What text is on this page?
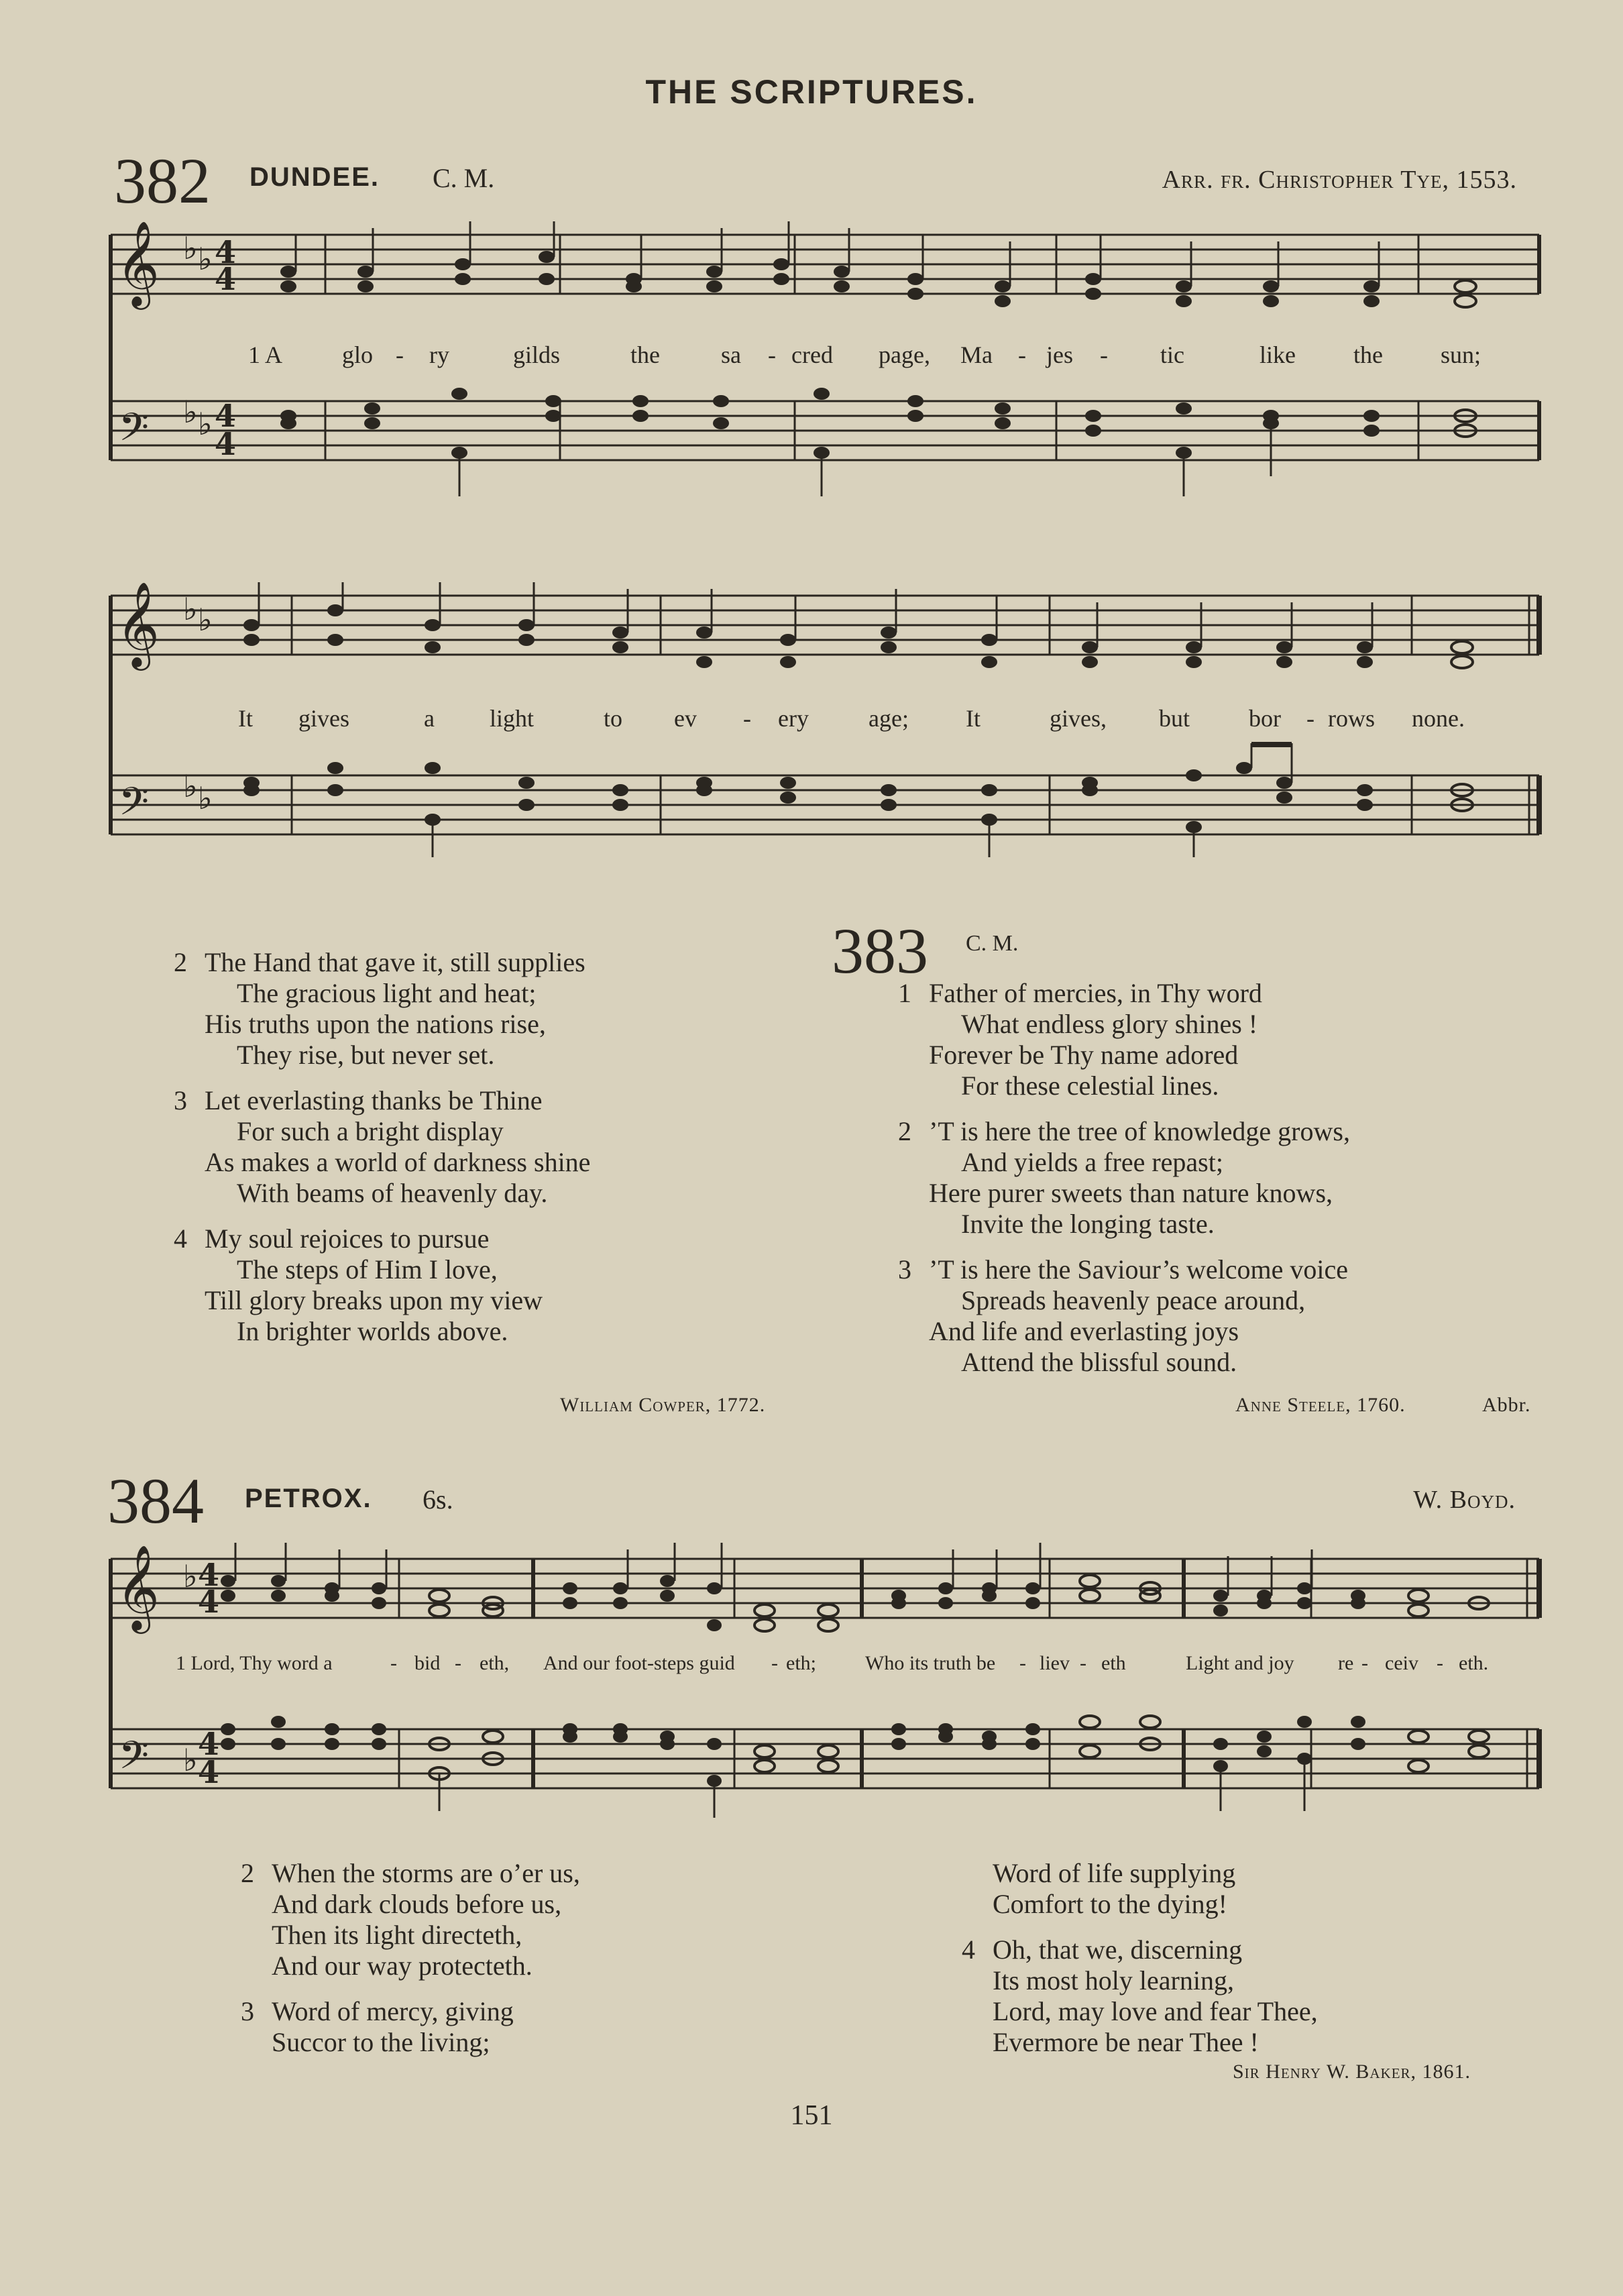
THE SCRIPTURES.
382 DUNDEE. C. M.	Arr. fr. Christopher Tye, 1553.
𝄞
𝄢
♭ ♭ 4
4
♭ ♭ 4
4
1 A glo - ry	gilds	the	sa - cred page, Ma - jes - tic	like the sun;
𝄞
𝄢
♭ ♭
♭ ♭
It gives	a light	to ev - ery age; It	gives, but bor - rows none.
2 The Hand that gave it, still supplies
The gracious light and heat;
His truths upon the nations rise,
They rise, but never set.
3 Let everlasting thanks be Thine
For such a bright display
As makes a world of darkness shine
With beams of heavenly day.
4 My soul rejoices to pursue
The steps of Him I love,
Till glory breaks upon my view
In brighter worlds above.
William Cowper, 1772.
383 C. M.
1 Father of mercies, in Thy word
What endless glory shines !
Forever be Thy name adored
For these celestial lines.
2 ’T is here the tree of knowledge grows,
And yields a free repast;
Here purer sweets than nature knows,
Invite the longing taste.
3 ’T is here the Saviour’s welcome voice
Spreads heavenly peace around,
And life and everlasting joys
Attend the blissful sound.
Anne Steele, 1760.	Abbr.
384 PETROX. 6s.	W. Boyd.
𝄞
𝄢
♭ 4
4
♭ 4
4
1 Lord, Thy word a	- bid - eth, And our foot-steps guid - eth; Who its truth be - liev - eth	Light and joy re - ceiv - eth.
2 When the storms are o’er us,
And dark clouds before us,
Then its light directeth,
And our way protecteth.
3 Word of mercy, giving
Succor to the living;
Word of life supplying
Comfort to the dying!
4 Oh, that we, discerning
Its most holy learning,
Lord, may love and fear Thee,
Evermore be near Thee !
Sir Henry W. Baker, 1861.
151
